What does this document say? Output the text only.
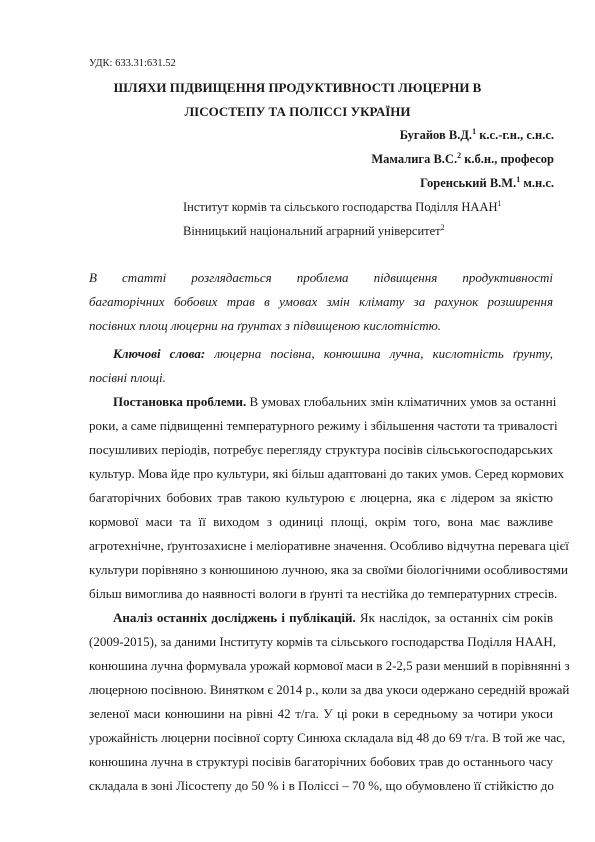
УДК: 633.31:631.52
ШЛЯХИ ПІДВИЩЕННЯ ПРОДУКТИВНОСТІ ЛЮЦЕРНИ В
ЛІСОСТЕПУ ТА ПОЛІССІ УКРАЇНИ
Бугайов В.Д.$^1$ к.с.-г.н., с.н.с.
Мамалига В.С.$^2$ к.б.н., професор
Горенський В.М.$^1$ м.н.с.
Інститут кормів та сільського господарства Поділля НААН$^1$
Вінницький національний аграрний університет$^2$
В статті розглядається проблема підвищення продуктивності
багаторічних бобових трав в умовах змін клімату за рахунок розширення
посівних площ люцерни на ґрунтах з підвищеною кислотністю.
Ключові слова: люцерна посівна, конюшина лучна, кислотність ґрунту,
посівні площі.
Постановка проблеми. В умовах глобальних змін кліматичних умов за останні
роки, а саме підвищенні температурного режиму і збільшення частоти та тривалості
посушливих періодів, потребує перегляду структура посівів сільськогосподарських
культур. Мова йде про культури, які більш адаптовані до таких умов. Серед кормових
багаторічних бобових трав такою культурою є люцерна, яка є лідером за якістю
кормової маси та її виходом з одиниці площі, окрім того, вона має важливе
агротехнічне, ґрунтозахисне і меліоративне значення. Особливо відчутна перевага цієї
культури порівняно з конюшиною лучною, яка за своїми біологічними особливостями
більш вимоглива до наявності вологи в ґрунті та нестійка до температурних стресів.
Аналіз останніх досліджень і публікацій. Як наслідок, за останніх сім років
(2009-2015), за даними Інституту кормів та сільського господарства Поділля НААН,
конюшина лучна формувала урожай кормової маси в 2-2,5 рази менший в порівнянні з
люцерною посівною. Винятком є 2014 р., коли за два укоси одержано середній врожай
зеленої маси конюшини на рівні 42 т/га. У ці роки в середньому за чотири укоси
урожайність люцерни посівної сорту Синюха складала від 48 до 69 т/га. В той же час,
конюшина лучна в структурі посівів багаторічних бобових трав до останнього часу
складала в зоні Лісостепу до 50 % і в Поліссі – 70 %, що обумовлено її стійкістю до
